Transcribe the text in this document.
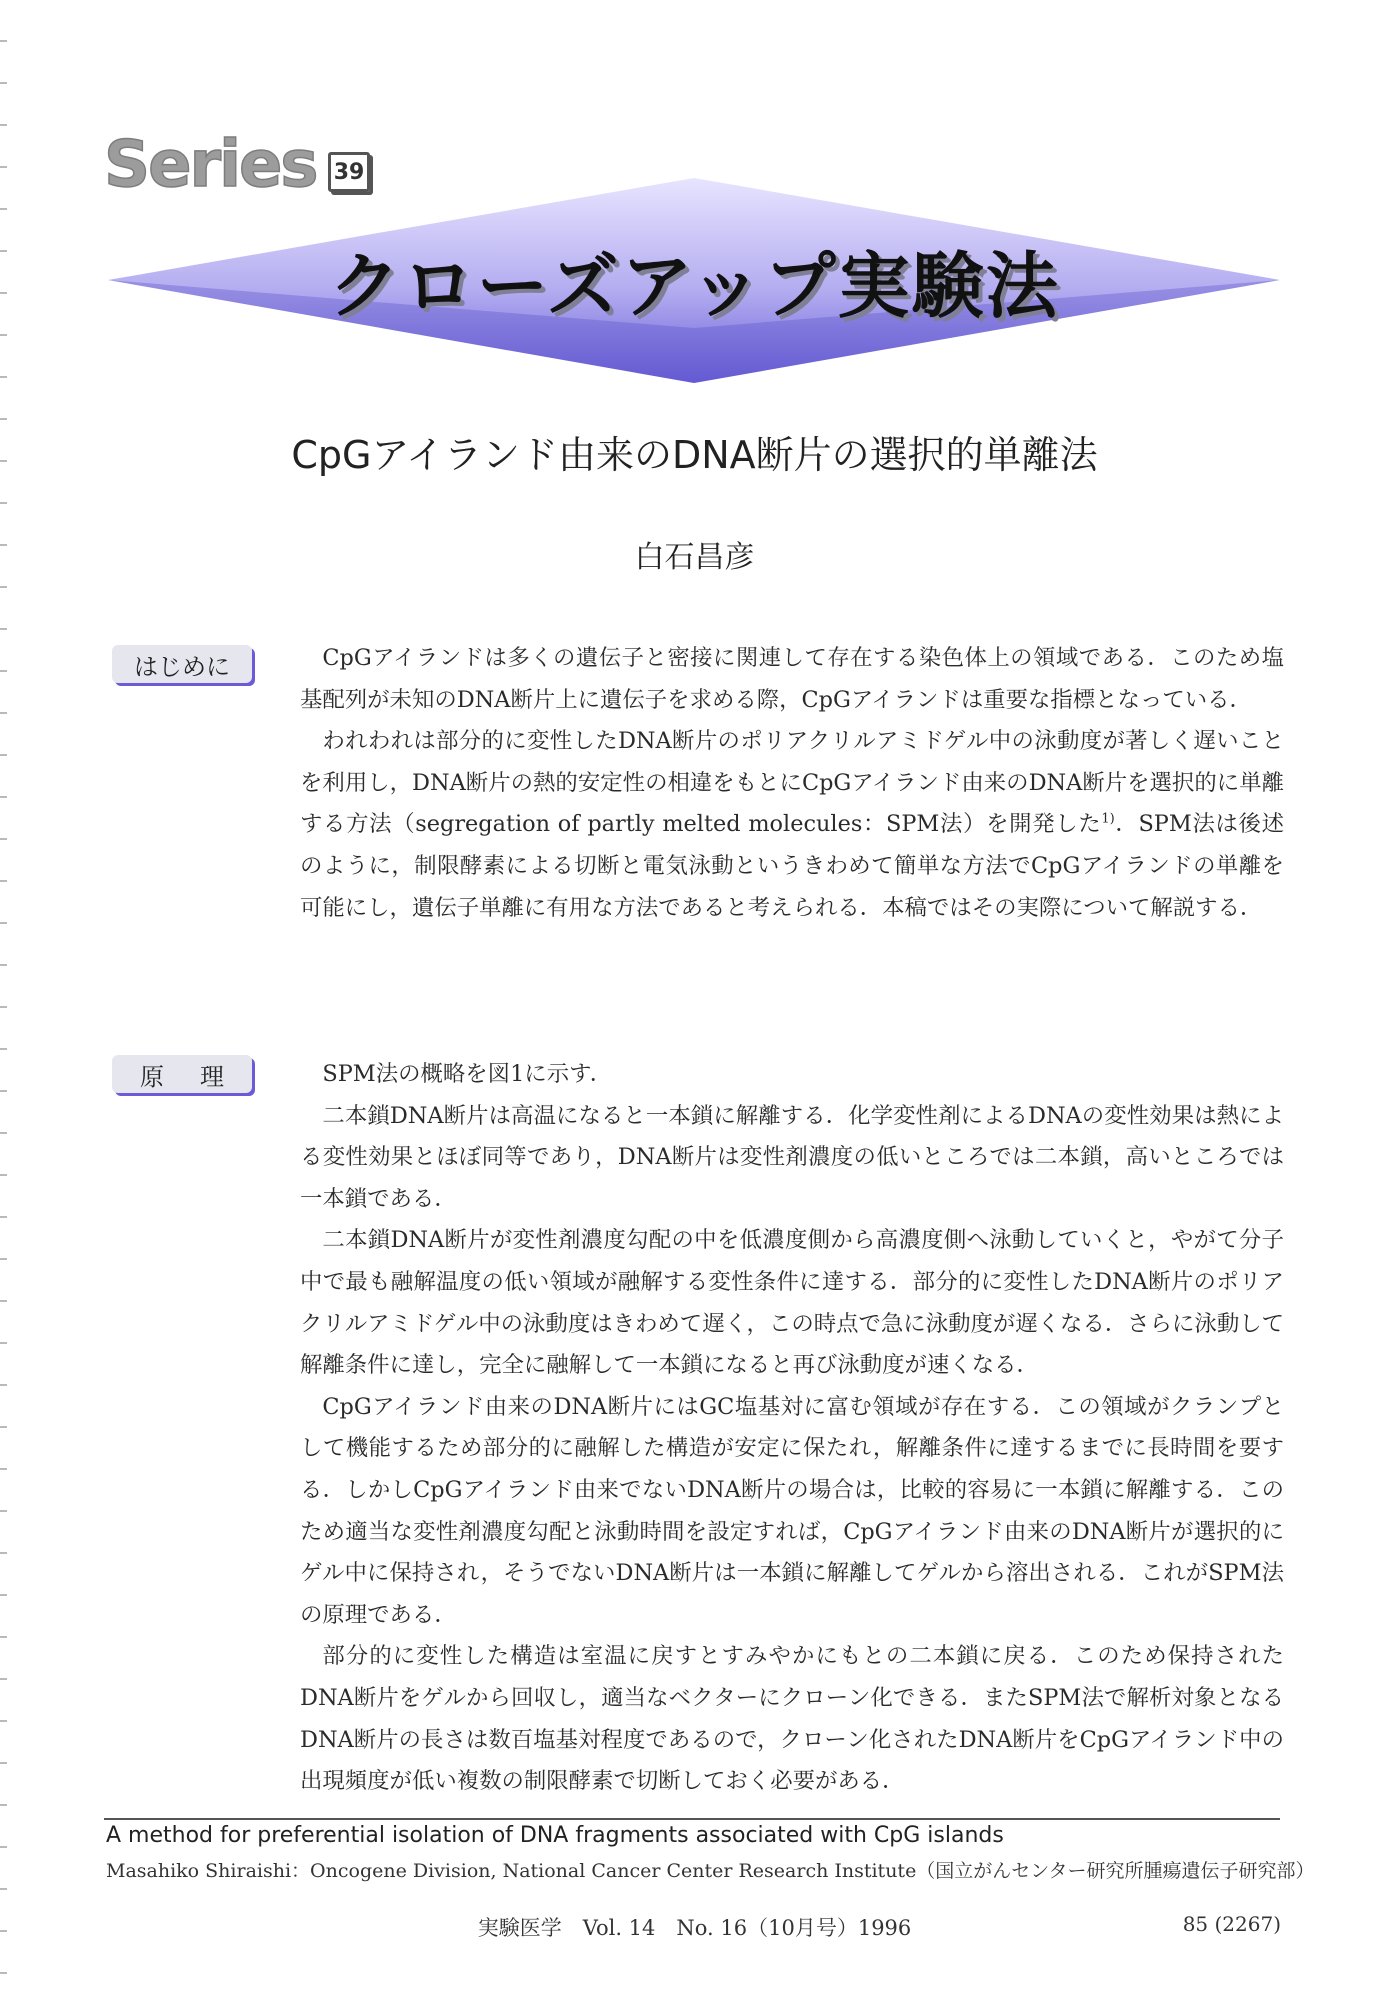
Series 39
クローズアップ実験法
CpGアイランド由来のDNA断片の選択的単離法
白石昌彦
はじめに	CpGアイランドは多くの遺伝子と密接に関連して存在する染色体上の領域である．このため塩基配列が未知のDNA断片上に遺伝子を求める際，CpGアイランドは重要な指標となっている．

われわれは部分的に変性したDNA断片のポリアクリルアミドゲル中の泳動度が著しく遅いことを利用し，DNA断片の熱的安定性の相違をもとにCpGアイランド由来のDNA断片を選択的に単離する方法（segregation of partly melted molecules：SPM法）を開発した$^{1)}$．SPM法は後述のように，制限酵素による切断と電気泳動というきわめて簡単な方法でCpGアイランドの単離を可能にし，遺伝子単離に有用な方法であると考えられる．本稿ではその実際について解説する．

原 理	SPM法の概略を図1に示す．

二本鎖DNA断片は高温になると一本鎖に解離する．化学変性剤によるDNAの変性効果は熱による変性効果とほぼ同等であり，DNA断片は変性剤濃度の低いところでは二本鎖，高いところでは一本鎖である．

二本鎖DNA断片が変性剤濃度勾配の中を低濃度側から高濃度側へ泳動していくと，やがて分子中で最も融解温度の低い領域が融解する変性条件に達する．部分的に変性したDNA断片のポリアクリルアミドゲル中の泳動度はきわめて遅く，この時点で急に泳動度が遅くなる．さらに泳動して解離条件に達し，完全に融解して一本鎖になると再び泳動度が速くなる．

CpGアイランド由来のDNA断片にはGC塩基対に富む領域が存在する．この領域がクランプとして機能するため部分的に融解した構造が安定に保たれ，解離条件に達するまでに長時間を要する．しかしCpGアイランド由来でないDNA断片の場合は，比較的容易に一本鎖に解離する．このため適当な変性剤濃度勾配と泳動時間を設定すれば，CpGアイランド由来のDNA断片が選択的にゲル中に保持され，そうでないDNA断片は一本鎖に解離してゲルから溶出される．これがSPM法の原理である．

部分的に変性した構造は室温に戻すとすみやかにもとの二本鎖に戻る．このため保持されたDNA断片をゲルから回収し，適当なベクターにクローン化できる．またSPM法で解析対象となるDNA断片の長さは数百塩基対程度であるので，クローン化されたDNA断片をCpGアイランド中の出現頻度が低い複数の制限酵素で切断しておく必要がある．

A method for preferential isolation of DNA fragments associated with CpG islands
Masahiko Shiraishi：Oncogene Division, National Cancer Center Research Institute（国立がんセンター研究所腫瘍遺伝子研究部）
実験医学　Vol. 14　No. 16（10月号）1996	85 (2267)
